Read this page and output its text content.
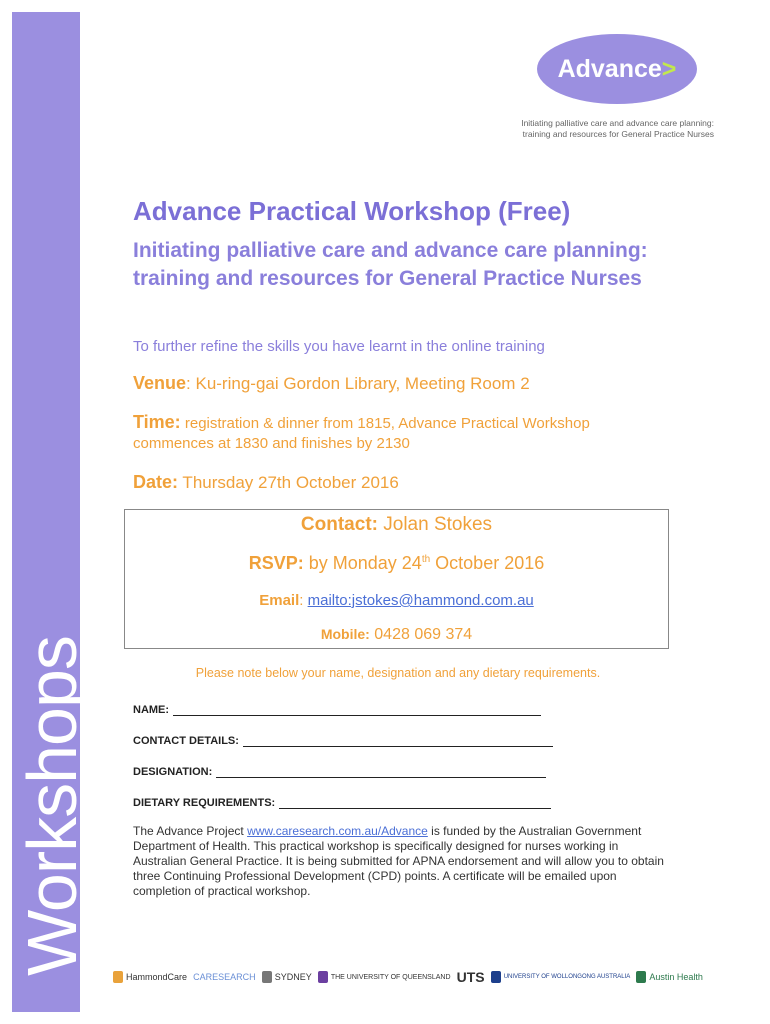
Workshops
Advance>
Initiating palliative care and advance care planning:
training and resources for General Practice Nurses
Advance Practical Workshop (Free)
Initiating palliative care and advance care planning: training and resources for General Practice Nurses
To further refine the skills you have learnt in the online training
Venue: Ku-ring-gai Gordon Library, Meeting Room 2
Time: registration & dinner from 1815, Advance Practical Workshop commences at 1830 and finishes by 2130
Date: Thursday 27th October 2016
Contact: Jolan Stokes
RSVP: by Monday 24th October 2016
Email: mailto:jstokes@hammond.com.au
Mobile: 0428 069 374
Please note below your name, designation and any dietary requirements.
NAME:
CONTACT DETAILS:
DESIGNATION:
DIETARY REQUIREMENTS:
The Advance Project www.caresearch.com.au/Advance is funded by the Australian Government Department of Health. This practical workshop is specifically designed for nurses working in Australian General Practice. It is being submitted for APNA endorsement and will allow you to obtain three Continuing Professional Development (CPD) points. A certificate will be emailed upon completion of practical workshop.
HammondCare CARESEARCH SYDNEY	THE UNIVERSITY OF QUEENSLAND UTS	UNIVERSITY OF WOLLONGONG AUSTRALIA Austin Health
